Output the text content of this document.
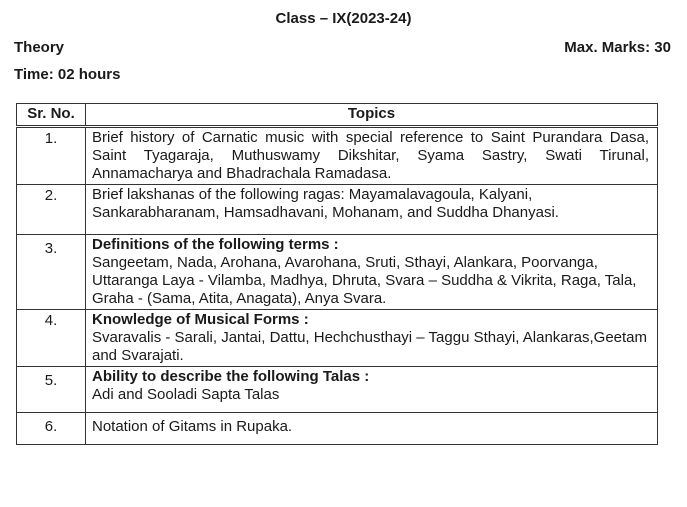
Class – IX(2023-24)
Theory	Max. Marks: 30
Time: 02 hours
Sr. No.	Topics
1.	Brief history of Carnatic music with special reference to Saint Purandara Dasa, Saint Tyagaraja, Muthuswamy Dikshitar, Syama Sastry, Swati Tirunal, Annamacharya and Bhadrachala Ramadasa.

2.	Brief lakshanas of the following ragas: Mayamalavagoula, Kalyani, Sankarabharanam, Hamsadhavani, Mohanam, and Suddha Dhanyasi.

3.	Definitions of the following terms :
Sangeetam, Nada, Arohana, Avarohana, Sruti, Sthayi, Alankara, Poorvanga, Uttaranga Laya - Vilamba, Madhya, Dhruta, Svara – Suddha & Vikrita, Raga, Tala, Graha - (Sama, Atita, Anagata), Anya Svara.

4.	Knowledge of Musical Forms :
Svaravalis - Sarali, Jantai, Dattu, Hechchusthayi – Taggu Sthayi, Alankaras,Geetam and Svarajati.

5.	Ability to describe the following Talas :
Adi and Sooladi Sapta Talas

6.	Notation of Gitams in Rupaka.
